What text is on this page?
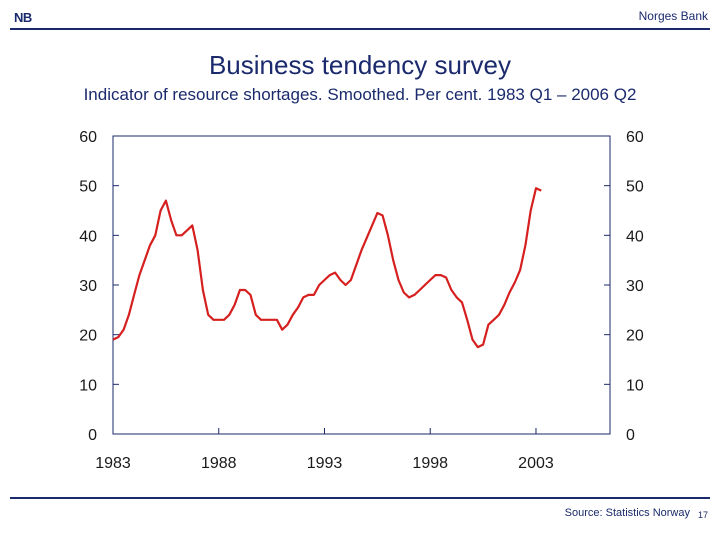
NB	Norges Bank
Business tendency survey
Indicator of resource shortages. Smoothed. Per cent. 1983 Q1 – 2006 Q2
0	0
10	10
20	20
30	30
40	40
50	50
60	60
1983	1988	1993	1998	2003
Source: Statistics Norway 17
